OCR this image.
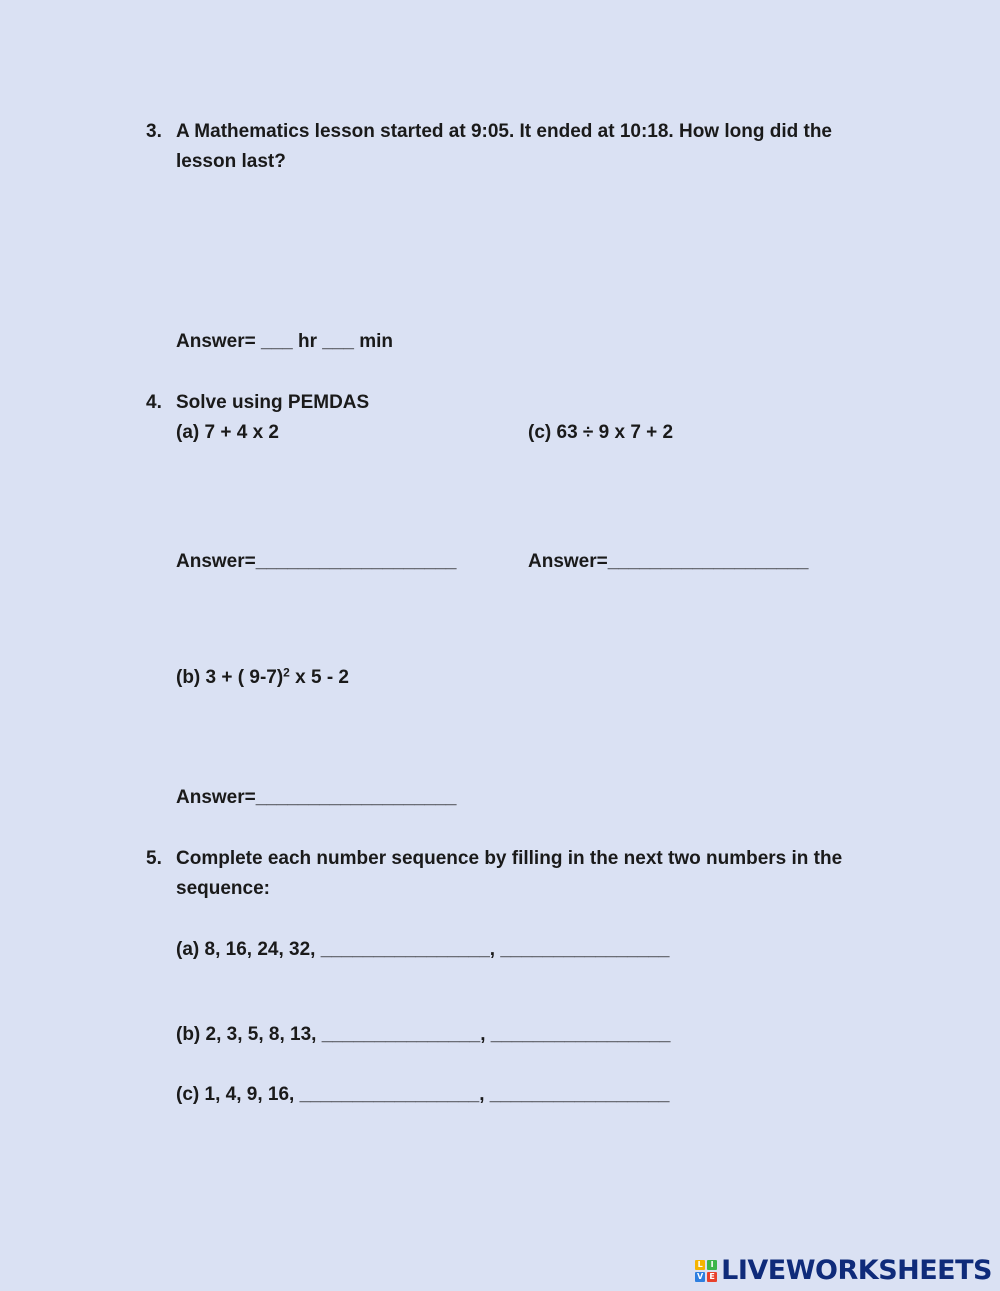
3. A Mathematics lesson started at 9:05. It ended at 10:18. How long did the
lesson last?
Answer= ___ hr ___ min
4. Solve using PEMDAS
(a) 7 + 4 x 2	(c) 63 ÷ 9 x 7 + 2
Answer=___________________	Answer=___________________
(b) 3 + ( 9-7)$^2$ x 5 - 2
Answer=___________________
5. Complete each number sequence by filling in the next two numbers in the
sequence:
(a) 8, 16, 24, 32, ________________, ________________
(b) 2, 3, 5, 8, 13, _______________, _________________
(c) 1, 4, 9, 16, _________________, _________________
L I
V E LIVEWORKSHEETS
